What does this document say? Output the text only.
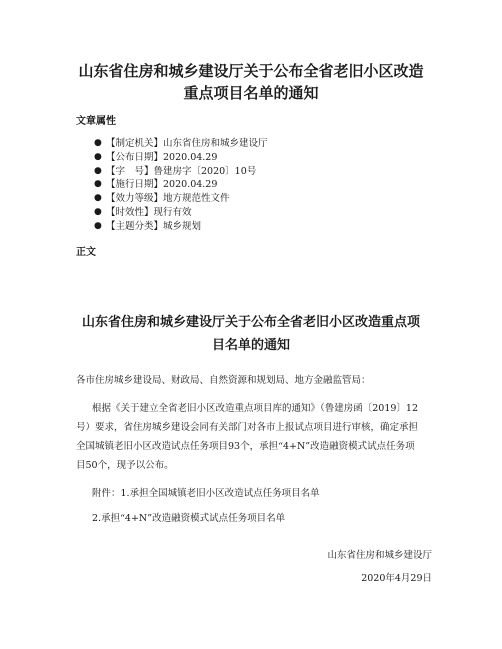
山东省住房和城乡建设厅关于公布全省老旧小区改造
重点项目名单的通知
文章属性
● 【制定机关】山东省住房和城乡建设厅
● 【公布日期】2020.04.29
● 【字　号】鲁建房字〔2020〕10号
● 【施行日期】2020.04.29
● 【效力等级】地方规范性文件
● 【时效性】现行有效
● 【主题分类】城乡规划
正文
山东省住房和城乡建设厅关于公布全省老旧小区改造重点项
目名单的通知
各市住房城乡建设局、财政局、自然资源和规划局、地方金融监管局：
根据《关于建立全省老旧小区改造重点项目库的通知》（鲁建房函〔2019〕12
号）要求，省住房城乡建设会同有关部门对各市上报试点项目进行审核，确定承担
全国城镇老旧小区改造试点任务项目93个，承担“4+N”改造融资模式试点任务项
目50个，现予以公布。
附件：1.承担全国城镇老旧小区改造试点任务项目名单
2.承担“4+N”改造融资模式试点任务项目名单
山东省住房和城乡建设厅
2020年4月29日
